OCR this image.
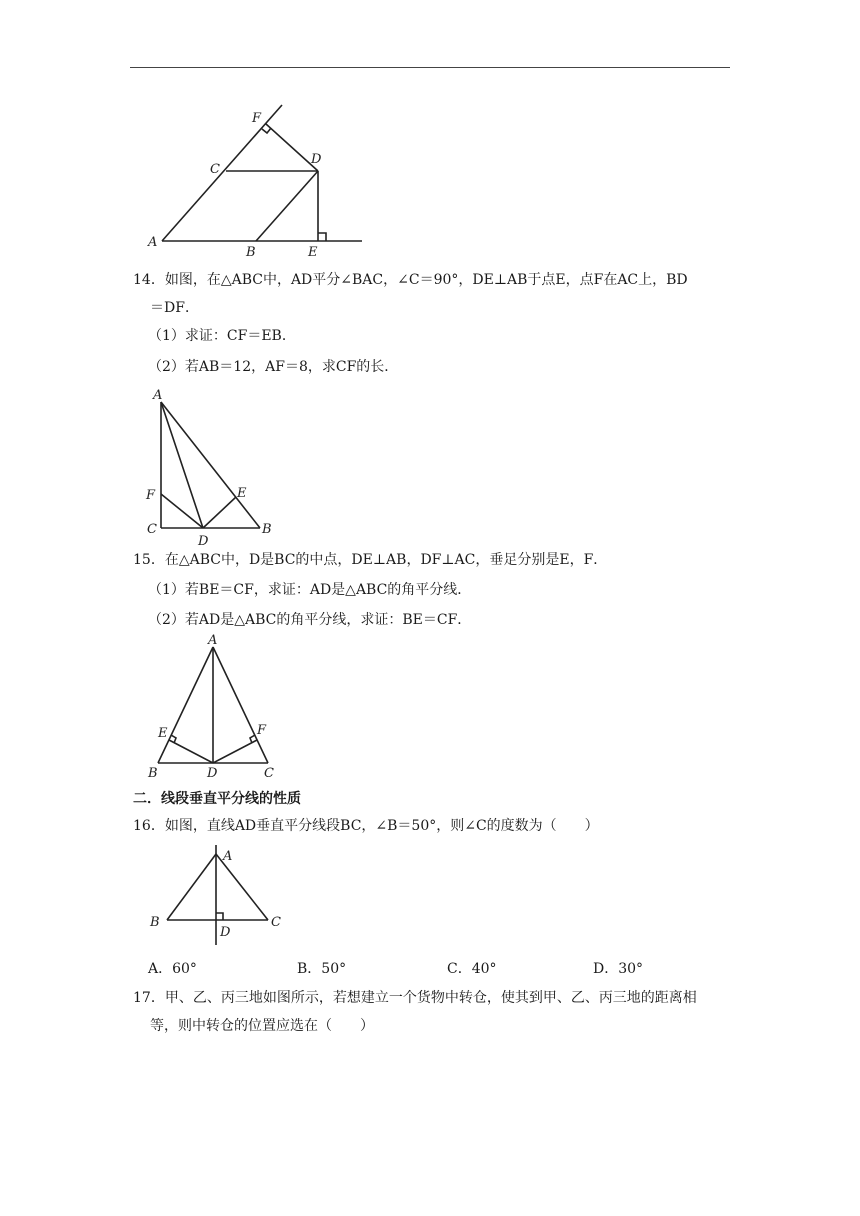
F
C
D
A
B	E
14．如图，在△ABC中，AD平分∠BAC，∠C＝90°，DE⊥AB于点E，点F在AC上，BD
＝DF．
（1）求证：CF＝EB．
（2）若AB＝12，AF＝8，求CF的长．
A
F	E
C
D
B
15．在△ABC中，D是BC的中点，DE⊥AB，DF⊥AC，垂足分别是E，F．
（1）若BE＝CF，求证：AD是△ABC的角平分线．
（2）若AD是△ABC的角平分线，求证：BE＝CF．
A
E	F
B	D	C
二．线段垂直平分线的性质
16．如图，直线AD垂直平分线段BC，∠B＝50°，则∠C的度数为（　　）
A
B	C
D
A．60°	B．50°	C．40°	D．30°
17．甲、乙、丙三地如图所示，若想建立一个货物中转仓，使其到甲、乙、丙三地的距离相
等，则中转仓的位置应选在（　　）
